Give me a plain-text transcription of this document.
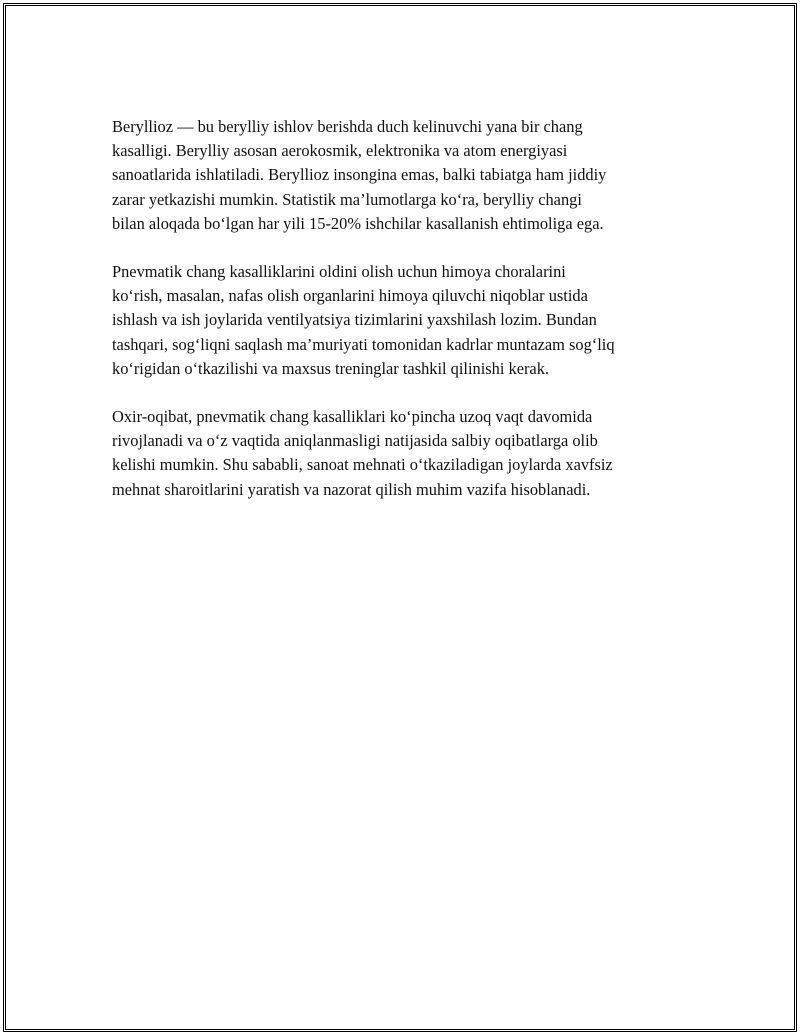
Berylliоz — bu berylliy ishlov berishda duch kelinuvchi yana bir chang
kasalligi. Berylliy asosan aerokosmik, elektronika va atom energiyasi
sanoatlarida ishlatiladi. Berylliоz insongina emas, balki tabiatga ham jiddiy
zarar yetkazishi mumkin. Statistik ma’lumotlarga koʻra, berylliy changi
bilan aloqada boʻlgan har yili 15-20% ishchilar kasallanish ehtimoliga ega.

Pnevmatik chang kasalliklarini oldini olish uchun himoya choralarini
koʻrish, masalan, nafas olish organlarini himoya qiluvchi niqoblar ustida
ishlash va ish joylarida ventilyatsiya tizimlarini yaxshilash lozim. Bundan
tashqari, sogʻliqni saqlash ma’muriyati tomonidan kadrlar muntazam sogʻliq
koʻrigidan oʻtkazilishi va maxsus treninglar tashkil qilinishi kerak.

Oxir-oqibat, pnevmatik chang kasalliklari koʻpincha uzoq vaqt davomida
rivojlanadi va oʻz vaqtida aniqlanmasligi natijasida salbiy oqibatlarga olib
kelishi mumkin. Shu sababli, sanoat mehnati oʻtkaziladigan joylarda xavfsiz
mehnat sharoitlarini yaratish va nazorat qilish muhim vazifa hisoblanadi.
